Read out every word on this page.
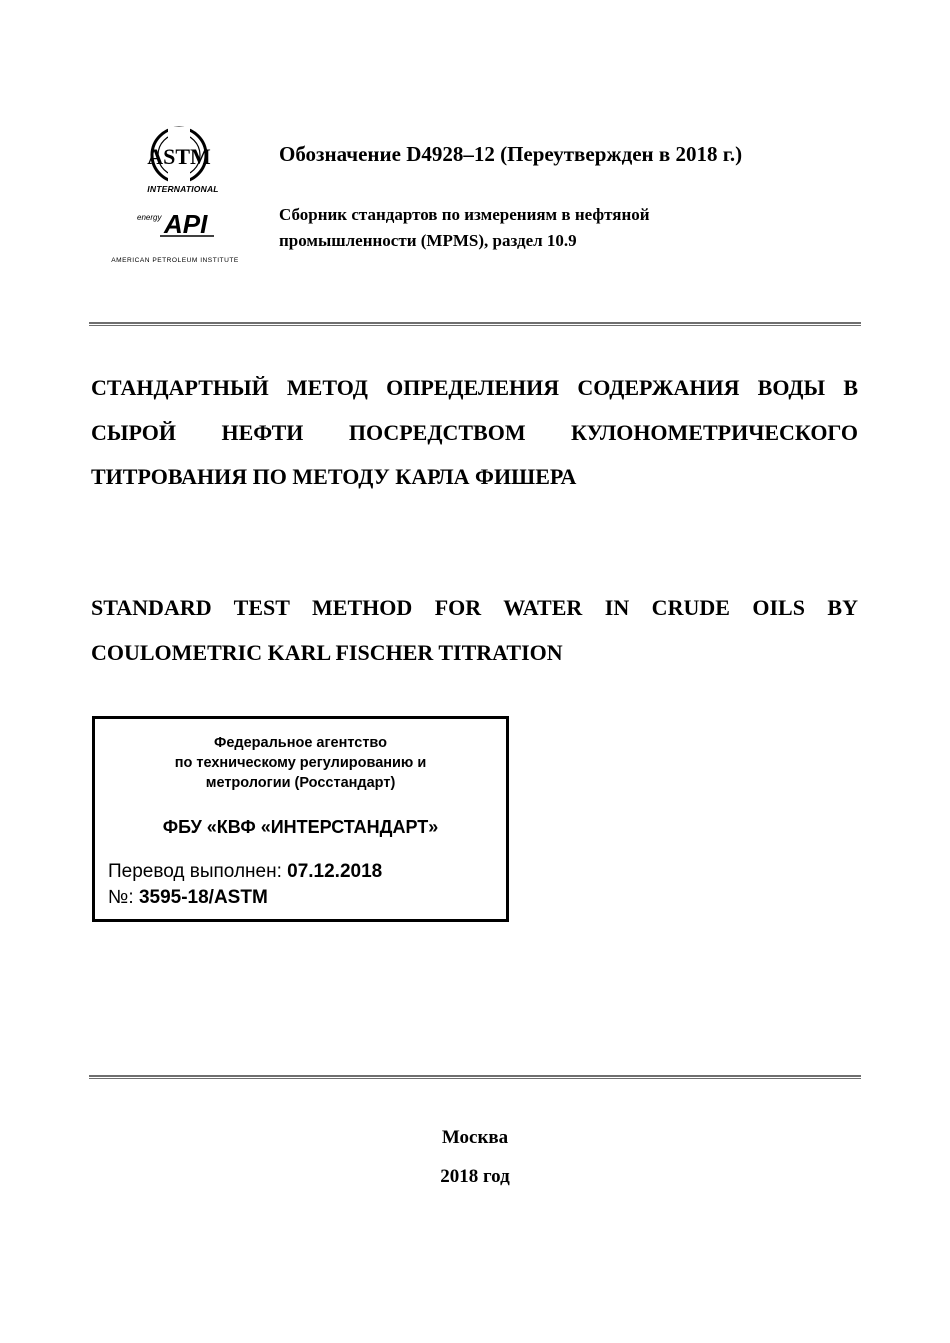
ASTM
INTERNATIONAL
energy API
AMERICAN PETROLEUM INSTITUTE
Обозначение D4928–12 (Переутвержден в 2018 г.)
Сборник стандартов по измерениям в нефтяной
промышленности (MPMS), раздел 10.9
СТАНДАРТНЫЙ МЕТОД ОПРЕДЕЛЕНИЯ СОДЕРЖАНИЯ ВОДЫ В СЫРОЙ НЕФТИ ПОСРЕДСТВОМ КУЛОНОМЕТРИЧЕСКОГО ТИТРОВАНИЯ ПО МЕТОДУ КАРЛА ФИШЕРА
STANDARD TEST METHOD FOR WATER IN CRUDE OILS BY COULOMETRIC KARL FISCHER TITRATION
Федеральное агентство
по техническому регулированию и
метрологии (Росстандарт)
ФБУ «КВФ «ИНТЕРСТАНДАРТ»
Перевод выполнен: 07.12.2018
№: 3595-18/ASTM
Москва
2018 год
